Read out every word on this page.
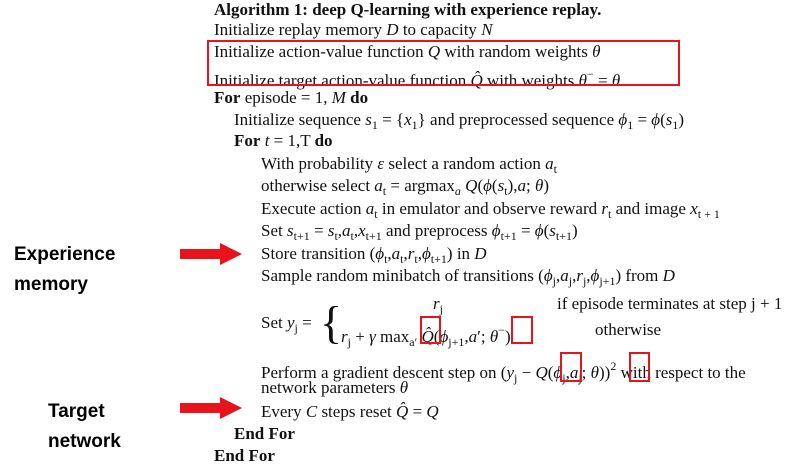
Algorithm 1: deep Q-learning with experience replay.
Initialize replay memory D to capacity N
Initialize action-value function Q with random weights θ
Initialize target action-value function Q̂ with weights θ− = θ
For episode = 1, M do
Initialize sequence $s_1 = \{x_1\}$ and preprocessed sequence $\phi_1 = \phi(s_1)$
For t = 1,T do
With probability ε select a random action $a_t$
otherwise select $a_t = argmax_a$ $Q(\phi(s_t),a$; θ)
Execute action $a_t$ in emulator and observe reward $r_t$ and image $x_{t + 1}$
Set $s_{t+1} = s_t,a_t,x_{t+1}$ and preprocess $\phi_{t+1} = \phi(s_{t+1})$
Store transition $(\phi_t,a_t,r_t,\phi_{t+1})$ in D
Sample random minibatch of transitions $(\phi_j,a_j,r_j,\phi_{j+1})$ from D
Set $y_j$ = {	$r_j$	if episode terminates at step j + 1
$r_j + \gamma$ $\max_{a'}$ $Q̂(\phi_{j+1},a'$; θ−)	otherwise
Perform a gradient descent step on ($y_j - Q(\phi_j,a_j$; θ))$^2$ with respect to the
network parameters θ
Every C steps reset Q̂ = Q
End For
End For
Experience
memory
Target
network
